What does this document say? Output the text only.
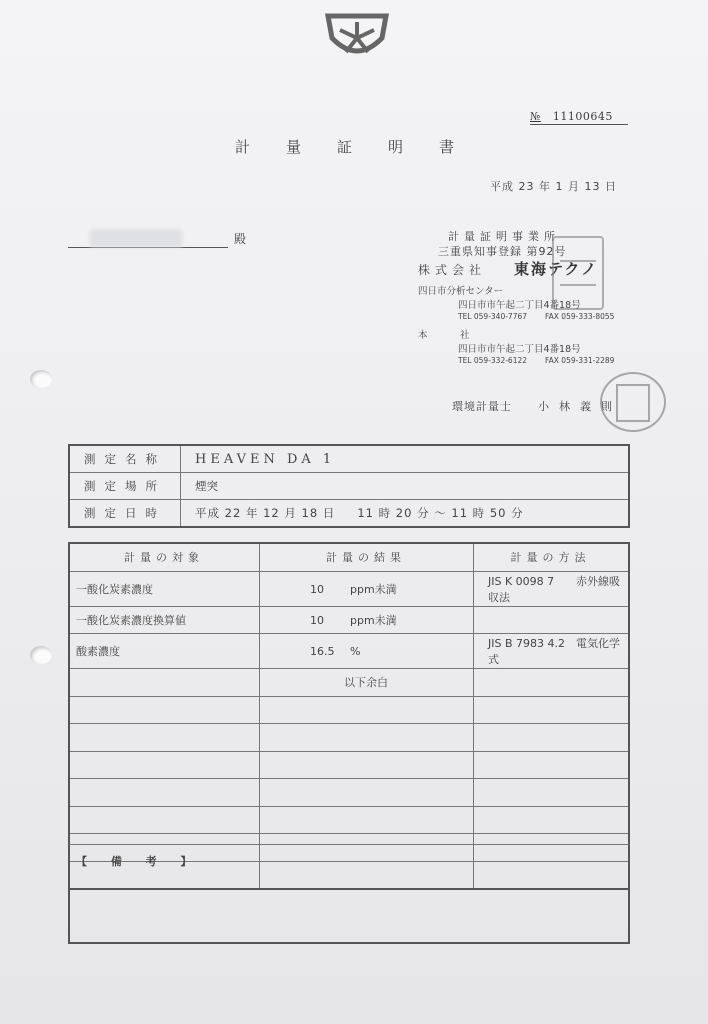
№ 11100645
計量証明書
平成 23 年 1 月 13 日
殿	計量証明事業所
三重県知事登録 第92号
株式会社 東海テクノ
四日市分析センター
四日市市午起二丁目4番18号
TEL 059-340-7767 FAX 059-333-8055
本	社
四日市市午起二丁目4番18号
TEL 059-332-6122 FAX 059-331-2289
環境計量士 小林義則
測定名称	HEAVEN DA 1
測定場所	煙突
測定日時	平成 22 年 12 月 18 日 11 時 20 分 〜 11 時 50 分
計量の対象	計量の結果	計量の方法
一酸化炭素濃度	10 ppm未満	JIS K 0098 7 赤外線吸収法
一酸化炭素濃度換算値	10 ppm未満	
酸素濃度	16.5 %	JIS B 7983 4.2 電気化学式
	以下余白	

【 備 考 】
